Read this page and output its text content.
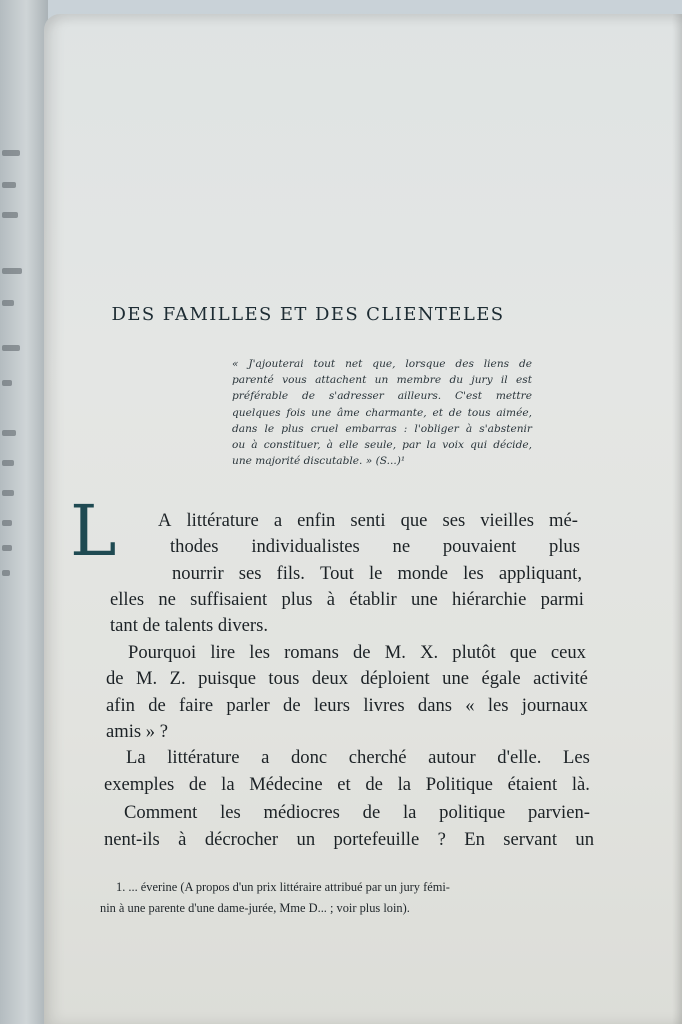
DES FAMILLES ET DES CLIENTELES
« J'ajouterai tout net que, lorsque des liens de
parenté vous attachent un membre du jury il est
préférable de s'adresser ailleurs. C'est mettre
quelques fois une âme charmante, et de tous aimée,
dans le plus cruel embarras : l'obliger à s'abstenir
ou à constituer, à elle seule, par la voix qui décide,
une majorité discutable. » (S...)¹
L A littérature a enfin senti que ses vieilles mé-
thodes individualistes ne pouvaient plus
nourrir ses fils. Tout le monde les appliquant,
elles ne suffisaient plus à établir une hiérarchie parmi
tant de talents divers.
Pourquoi lire les romans de M. X. plutôt que ceux
de M. Z. puisque tous deux déploient une égale activité
afin de faire parler de leurs livres dans « les journaux
amis » ?
La littérature a donc cherché autour d'elle. Les
exemples de la Médecine et de la Politique étaient là.
Comment les médiocres de la politique parvien-
nent-ils à décrocher un portefeuille ? En servant un
1. ... éverine (A propos d'un prix littéraire attribué par un jury fémi-
nin à une parente d'une dame-jurée, Mme D... ; voir plus loin).
